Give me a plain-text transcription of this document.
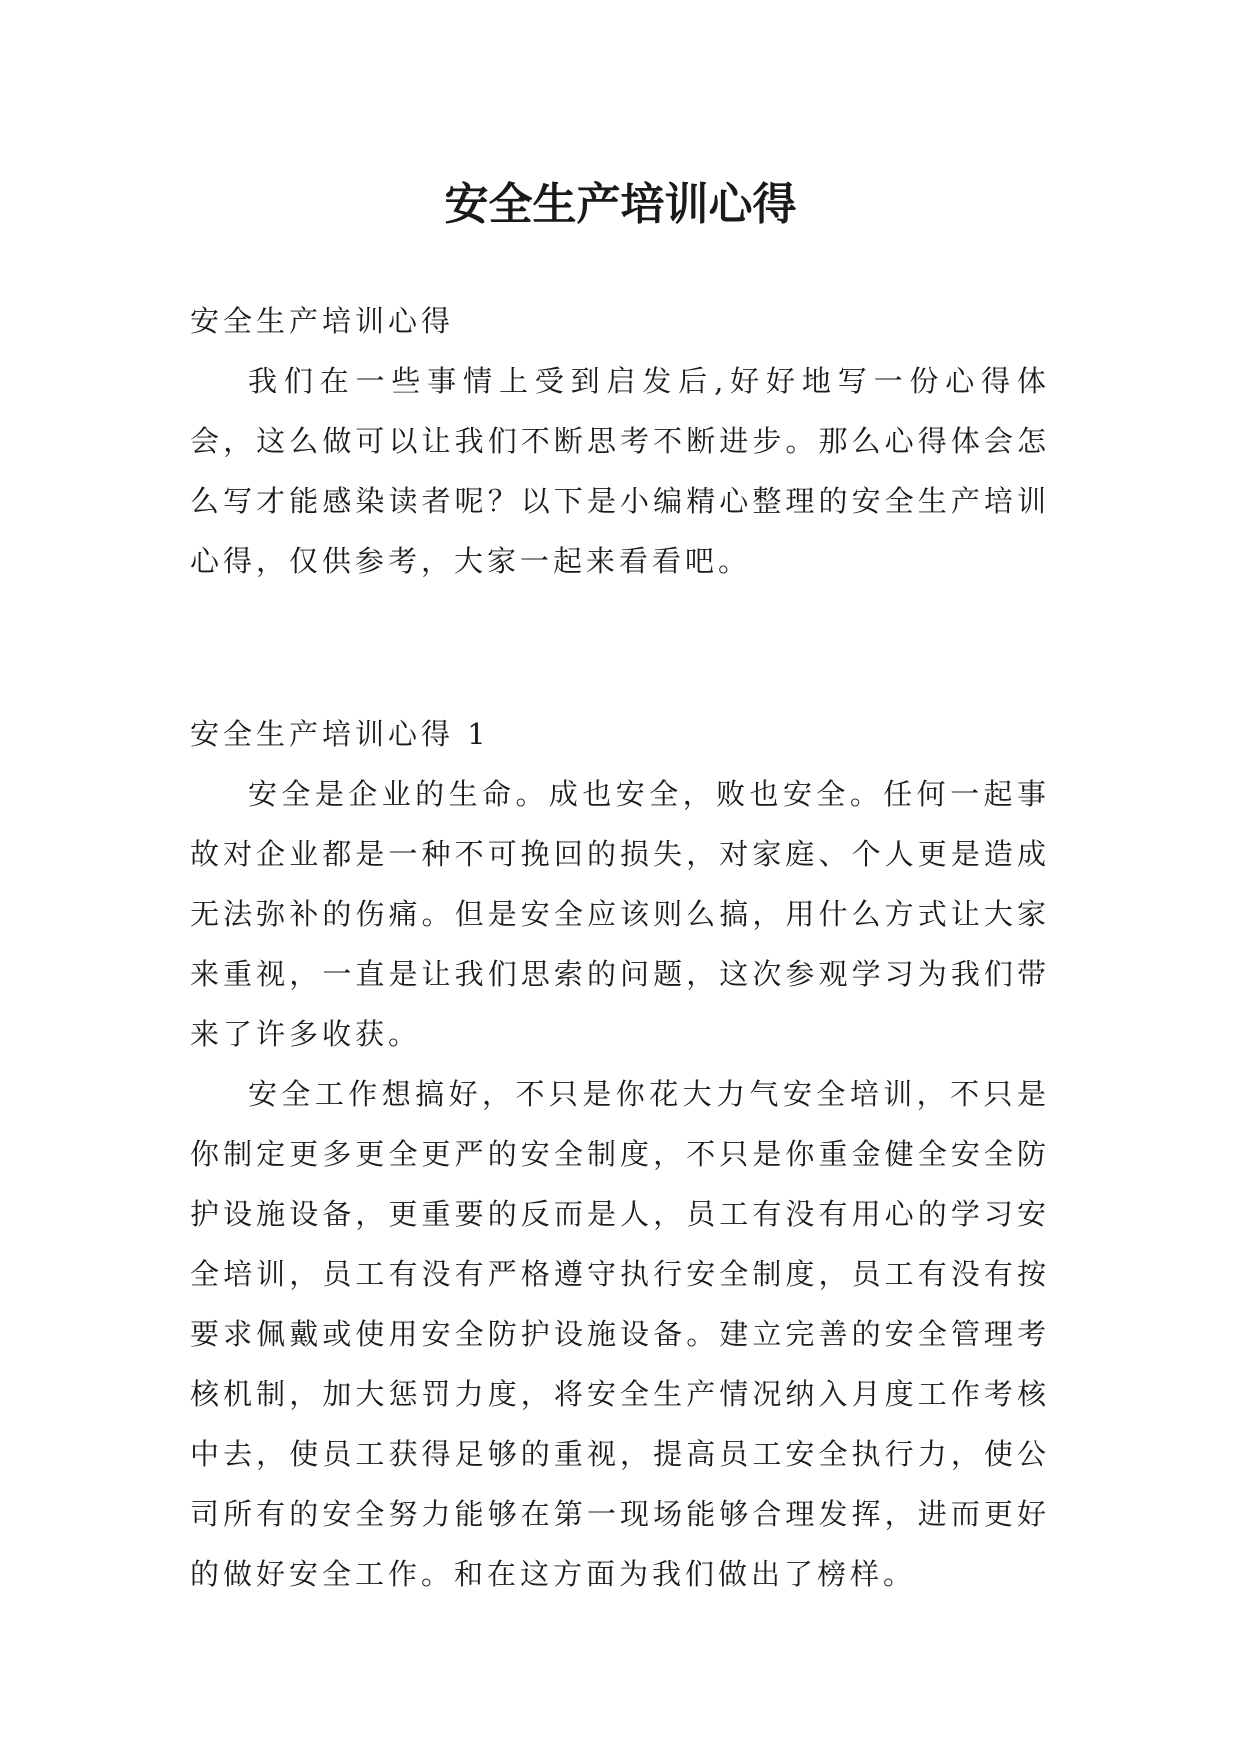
安全生产培训心得

安全生产培训心得

我们在一些事情上受到启发后,好好地写一份心得体会，这么做可以让我们不断思考不断进步。那么心得体会怎么写才能感染读者呢？以下是小编精心整理的安全生产培训心得，仅供参考，大家一起来看看吧。

安全生产培训心得 1

安全是企业的生命。成也安全，败也安全。任何一起事故对企业都是一种不可挽回的损失，对家庭、个人更是造成无法弥补的伤痛。但是安全应该则么搞，用什么方式让大家来重视，一直是让我们思索的问题，这次参观学习为我们带来了许多收获。

安全工作想搞好，不只是你花大力气安全培训，不只是你制定更多更全更严的安全制度，不只是你重金健全安全防护设施设备，更重要的反而是人，员工有没有用心的学习安全培训，员工有没有严格遵守执行安全制度，员工有没有按要求佩戴或使用安全防护设施设备。建立完善的安全管理考核机制，加大惩罚力度，将安全生产情况纳入月度工作考核中去，使员工获得足够的重视，提高员工安全执行力，使公司所有的安全努力能够在第一现场能够合理发挥，进而更好的做好安全工作。和在这方面为我们做出了榜样。
